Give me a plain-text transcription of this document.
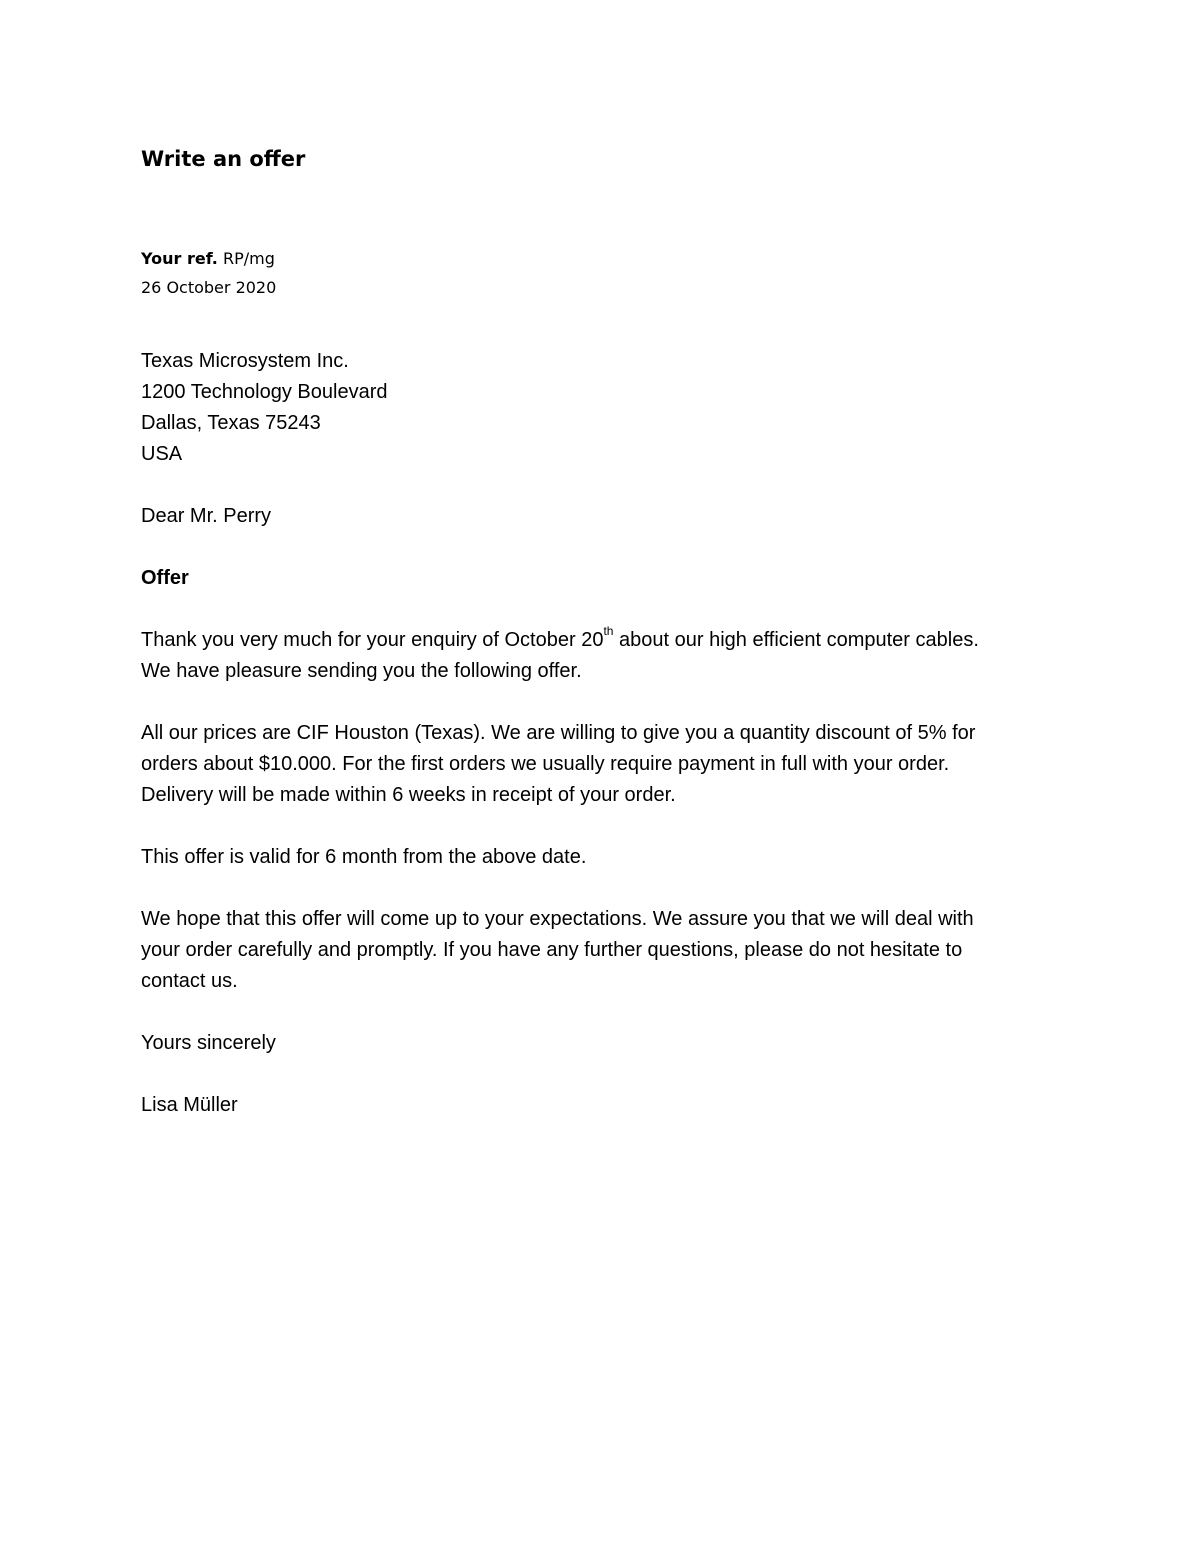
Write an offer
Your ref. RP/mg
26 October 2020
Texas Microsystem Inc.
1200 Technology Boulevard
Dallas, Texas 75243
USA
Dear Mr. Perry
Offer
Thank you very much for your enquiry of October 20th about our high efficient computer cables.
We have pleasure sending you the following offer.
All our prices are CIF Houston (Texas). We are willing to give you a quantity discount of 5% for
orders about $10.000. For the first orders we usually require payment in full with your order.
Delivery will be made within 6 weeks in receipt of your order.
This offer is valid for 6 month from the above date.
We hope that this offer will come up to your expectations. We assure you that we will deal with
your order carefully and promptly. If you have any further questions, please do not hesitate to
contact us.
Yours sincerely
Lisa Müller
